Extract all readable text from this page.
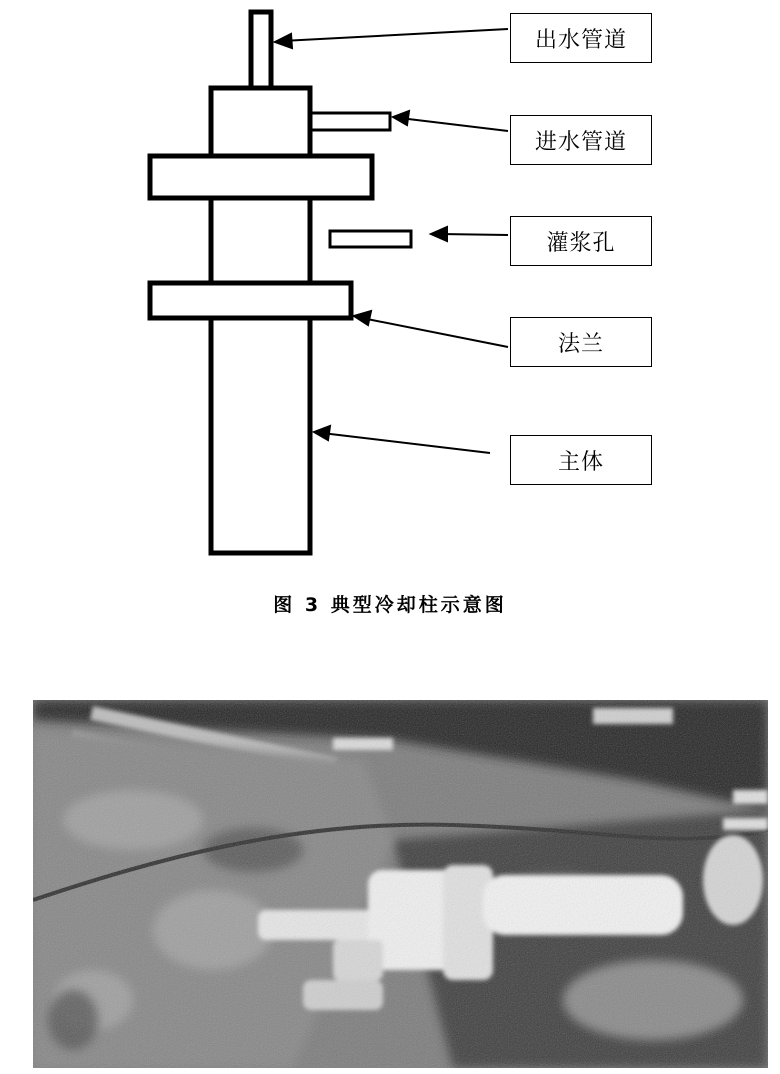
出水管道
进水管道
灌浆孔
法兰
主体
图 3 典型冷却柱示意图
